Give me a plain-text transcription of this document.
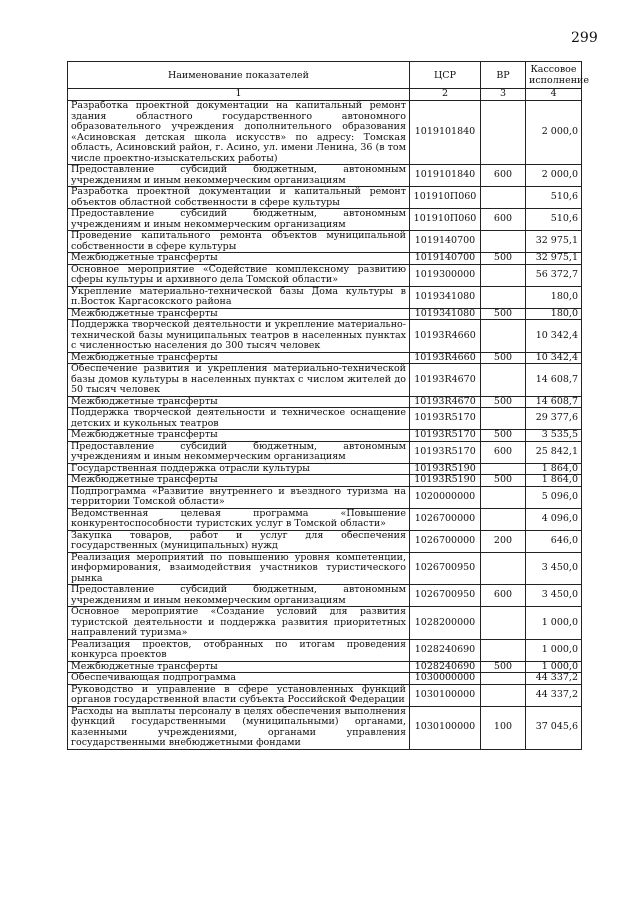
299
Наименование показателей	ЦСР	ВР	Кассовое исполнение
1	2	3	4
Разработка проектной документации на капитальный ремонт здания областного государственного автономного образовательного учреждения дополнительного образования «Асиновская детская школа искусств» по адресу: Томская область, Асиновский район, г. Асино, ул. имени Ленина, 36 (в том числе проектно-изыскательских работы)	1019101840		2 000,0
Предоставление субсидий бюджетным, автономным учреждениям и иным некоммерческим организациям	1019101840	600	2 000,0
Разработка проектной документации и капитальный ремонт объектов областной собственности в сфере культуры	101910П060		510,6
Предоставление субсидий бюджетным, автономным учреждениям и иным некоммерческим организациям	101910П060	600	510,6
Проведение капитального ремонта объектов муниципальной собственности в сфере культуры	1019140700		32 975,1
Межбюджетные трансферты	1019140700	500	32 975,1
Основное мероприятие «Содействие комплексному развитию сферы культуры и архивного дела Томской области»	1019300000		56 372,7
Укрепление материально-технической базы Дома культуры в п.Восток Каргасокского района	1019341080		180,0
Межбюджетные трансферты	1019341080	500	180,0
Поддержка творческой деятельности и укрепление материально-технической базы муниципальных театров в населенных пунктах с численностью населения до 300 тысяч человек	10193R4660		10 342,4
Межбюджетные трансферты	10193R4660	500	10 342,4
Обеспечение развития и укрепления материально-технической базы домов культуры в населенных пунктах с числом жителей до 50 тысяч человек	10193R4670		14 608,7
Межбюджетные трансферты	10193R4670	500	14 608,7
Поддержка творческой деятельности и техническое оснащение детских и кукольных театров	10193R5170		29 377,6
Межбюджетные трансферты	10193R5170	500	3 535,5
Предоставление субсидий бюджетным, автономным учреждениям и иным некоммерческим организациям	10193R5170	600	25 842,1
Государственная поддержка отрасли культуры	10193R5190		1 864,0
Межбюджетные трансферты	10193R5190	500	1 864,0
Подпрограмма «Развитие внутреннего и въездного туризма на территории Томской области»	1020000000		5 096,0
Ведомственная целевая программа «Повышение конкурентоспособности туристских услуг в Томской области»	1026700000		4 096,0
Закупка товаров, работ и услуг для обеспечения государственных (муниципальных) нужд	1026700000	200	646,0
Реализация мероприятий по повышению уровня компетенции, информирования, взаимодействия участников туристического рынка	1026700950		3 450,0
Предоставление субсидий бюджетным, автономным учреждениям и иным некоммерческим организациям	1026700950	600	3 450,0
Основное мероприятие «Создание условий для развития туристской деятельности и поддержка развития приоритетных направлений туризма»	1028200000		1 000,0
Реализация проектов, отобранных по итогам проведения конкурса проектов	1028240690		1 000,0
Межбюджетные трансферты	1028240690	500	1 000,0
Обеспечивающая подпрограмма	1030000000		44 337,2
Руководство и управление в сфере установленных функций органов государственной власти субъекта Российской Федерации	1030100000		44 337,2
Расходы на выплаты персоналу в целях обеспечения выполнения функций государственными (муниципальными) органами, казенными учреждениями, органами управления государственными внебюджетными фондами	1030100000	100	37 045,6
